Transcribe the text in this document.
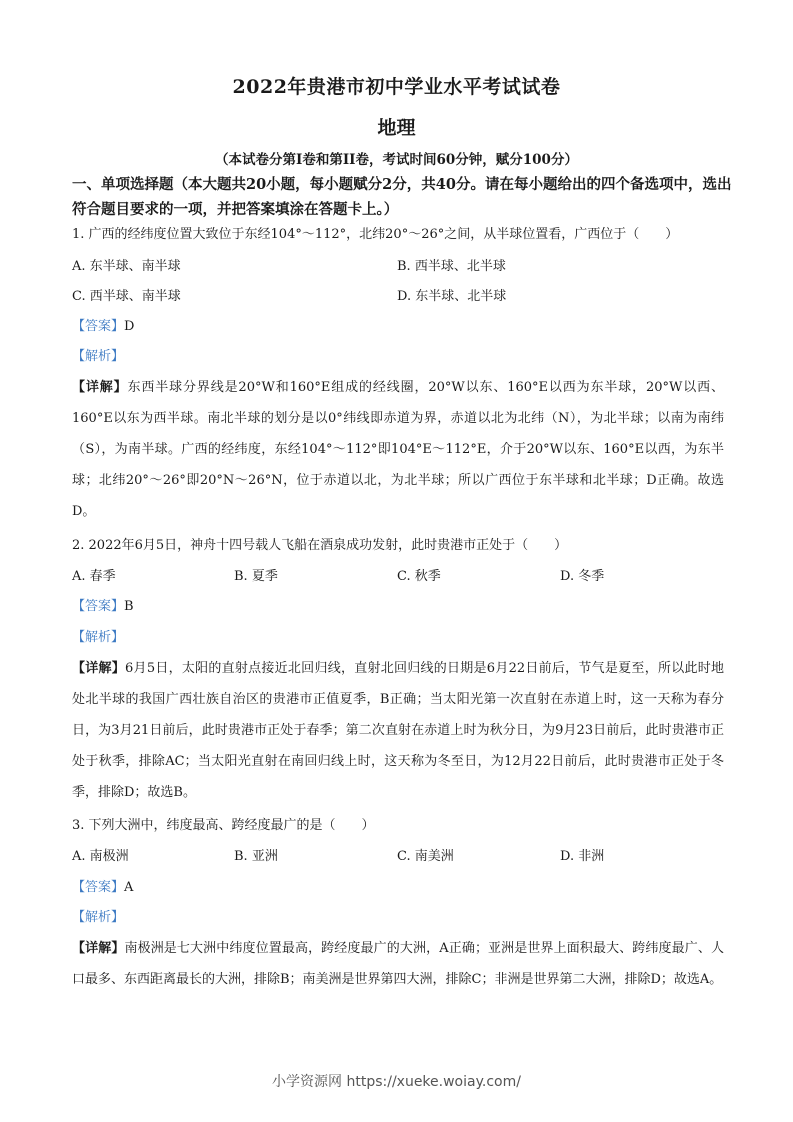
2022年贵港市初中学业水平考试试卷
地理
（本试卷分第I卷和第II卷，考试时间60分钟，赋分100分）
一、单项选择题（本大题共20小题，每小题赋分2分，共40分。请在每小题给出的四个备选项中，选出符合题目要求的一项，并把答案填涂在答题卡上。）
1. 广西的经纬度位置大致位于东经104°～112°，北纬20°～26°之间，从半球位置看，广西位于（　　）
A. 东半球、南半球	B. 西半球、北半球
C. 西半球、南半球	D. 东半球、北半球
【答案】D
【解析】
【详解】东西半球分界线是20°W和160°E组成的经线圈，20°W以东、160°E以西为东半球，20°W以西、160°E以东为西半球。南北半球的划分是以0°纬线即赤道为界，赤道以北为北纬（N），为北半球；以南为南纬（S），为南半球。广西的经纬度，东经104°～112°即104°E～112°E，介于20°W以东、160°E以西，为东半球；北纬20°～26°即20°N～26°N，位于赤道以北，为北半球；所以广西位于东半球和北半球；D正确。故选D。
2. 2022年6月5日，神舟十四号载人飞船在酒泉成功发射，此时贵港市正处于（　　）
A. 春季	B. 夏季	C. 秋季	D. 冬季
【答案】B
【解析】
【详解】6月5日，太阳的直射点接近北回归线，直射北回归线的日期是6月22日前后，节气是夏至，所以此时地处北半球的我国广西壮族自治区的贵港市正值夏季，B正确；当太阳光第一次直射在赤道上时，这一天称为春分日，为3月21日前后，此时贵港市正处于春季；第二次直射在赤道上时为秋分日，为9月23日前后，此时贵港市正处于秋季，排除AC；当太阳光直射在南回归线上时，这天称为冬至日，为12月22日前后，此时贵港市正处于冬季，排除D；故选B。
3. 下列大洲中，纬度最高、跨经度最广的是（　　）
A. 南极洲	B. 亚洲	C. 南美洲	D. 非洲
【答案】A
【解析】
【详解】南极洲是七大洲中纬度位置最高，跨经度最广的大洲，A正确；亚洲是世界上面积最大、跨纬度最广、人口最多、东西距离最长的大洲，排除B；南美洲是世界第四大洲，排除C；非洲是世界第二大洲，排除D；故选A。
小学资源网 https://xueke.woiay.com/
